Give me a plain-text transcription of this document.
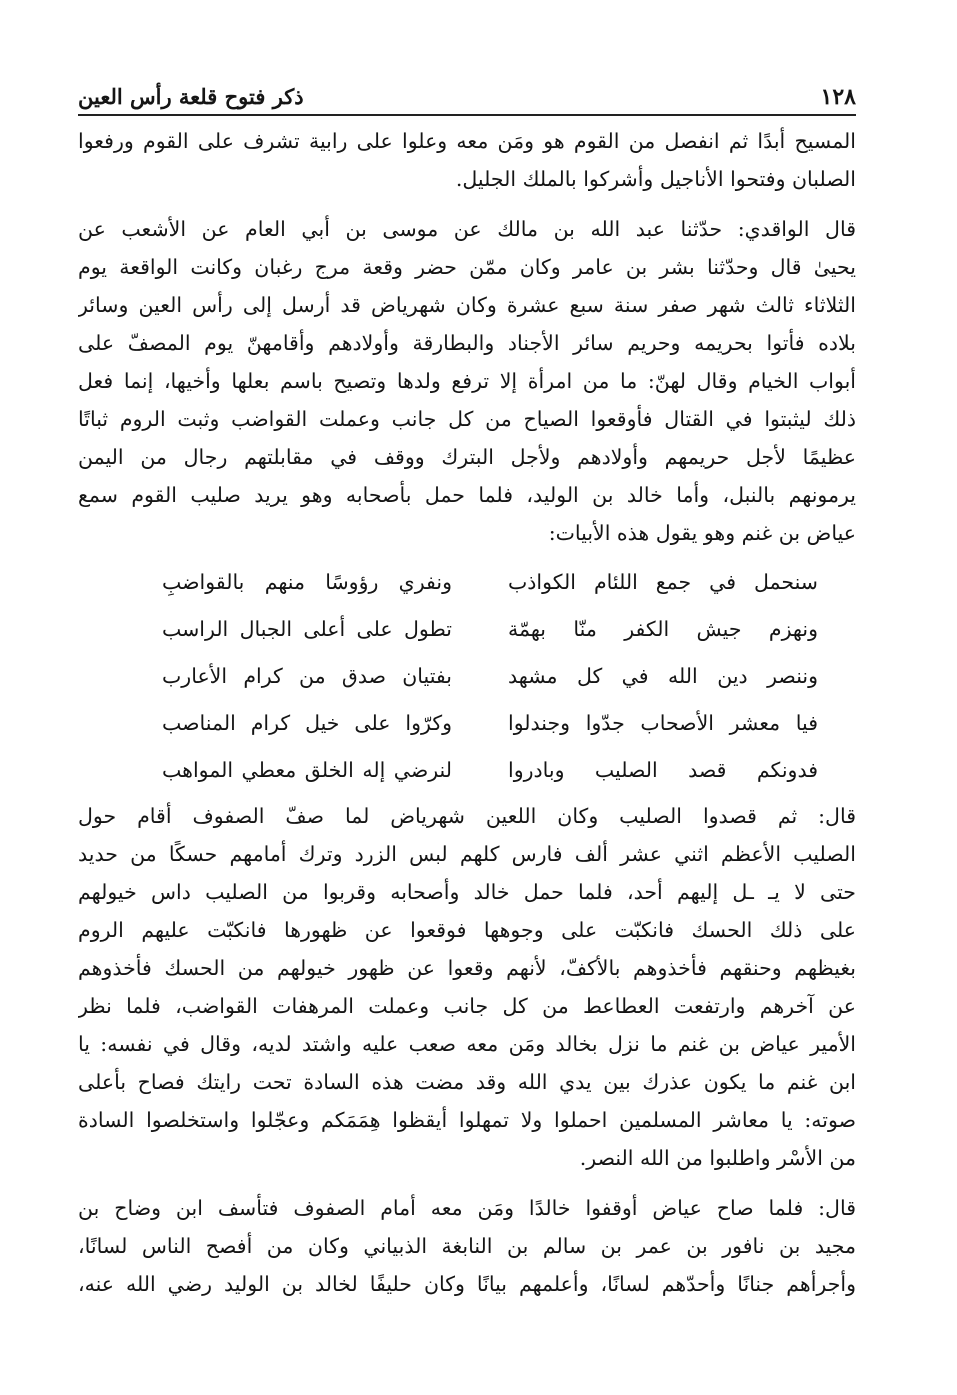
١٢٨
ذكر فتوح قلعة رأس العين
المسيح أبدًا ثم انفصل من القوم هو ومَن معه وعلوا على رابية تشرف على القوم ورفعوا
الصلبان وفتحوا الأناجيل وأشركوا بالملك الجليل.
قال الواقدي: حدّثنا عبد الله بن مالك عن موسى بن أبي العام عن الأشعب عن
يحيىٰ قال وحدّثنا بشر بن عامر وكان ممّن حضر وقعة مرج رغبان وكانت الواقعة يوم
الثلاثاء ثالث شهر صفر سنة سبع عشرة وكان شهرياض قد أرسل إلى رأس العين وسائر
بلاده فأتوا بحريمه وحريم سائر الأجناد والبطارقة وأولادهم وأقامهنّ يوم المصفّ على
أبواب الخيام وقال لهنّ: ما من امرأة إلا ترفع ولدها وتصيح باسم بعلها وأخيها، إنما فعل
ذلك ليثبتوا في القتال فأوقعوا الصياح من كل جانب وعملت القواضب وثبت الروم ثباتًا
عظيمًا لأجل حريمهم وأولادهم ولأجل البترك ووقف في مقابلتهم رجال من اليمن
يرمونهم بالنبل، وأما خالد بن الوليد، فلما حمل بأصحابه وهو يريد صليب القوم سمع
عياض بن غنم وهو يقول هذه الأبيات:
سنحمل في جمع اللئام الكواذب
ونفري رؤوسًا منهم بالقواضبِ
ونهزم جيش الكفر منّا بهمّة
تطول على أعلى الجبال الراسب
وننصر دين الله في كل مشهد
بفتيان صدق من كرام الأعارب
فيا معشر الأصحاب جدّوا وجندلوا
وكرّوا على خيل كرام المناصب
فدونكم قصد الصليب وبادروا
لنرضي إله الخلق معطي المواهب
قال: ثم قصدوا الصليب وكان اللعين شهرياض لما صفّ الصفوف أقام حول
الصليب الأعظم اثني عشر ألف فارس كلهم لبس الزرد وترك أمامهم حسكًا من حديد
حتى لا يـ ـل إليهم أحد، فلما حمل خالد وأصحابه وقربوا من الصليب داس خيولهم
على ذلك الحسك فانكبّت على وجوهها فوقعوا عن ظهورها فانكبّت عليهم الروم
بغيظهم وحنقهم فأخذوهم بالأكفّ، لأنهم وقعوا عن ظهور خيولهم من الحسك فأخذوهم
عن آخرهم وارتفعت العطاعط من كل جانب وعملت المرهفات القواضب، فلما نظر
الأمير عياض بن غنم ما نزل بخالد ومَن معه صعب عليه واشتد لديه، وقال في نفسه: يا
ابن غنم ما يكون عذرك بين يدي الله وقد مضت هذه السادة تحت رايتك فصاح بأعلى
صوته: يا معاشر المسلمين احملوا ولا تمهلوا أيقظوا هِمَمَكم وعجّلوا واستخلصوا السادة
من الأسْر واطلبوا من الله النصر.
قال: فلما صاح عياض أوقفوا خالدًا ومَن معه أمام الصفوف فتأسف ابن وضاح بن
مجيد بن نافور بن عمر بن سالم بن النابغة الذبياني وكان من أفصح الناس لسانًا،
وأجرأهم جنانًا وأحدّهم لسانًا، وأعلمهم بيانًا وكان حليفًا لخالد بن الوليد رضي الله عنه،
